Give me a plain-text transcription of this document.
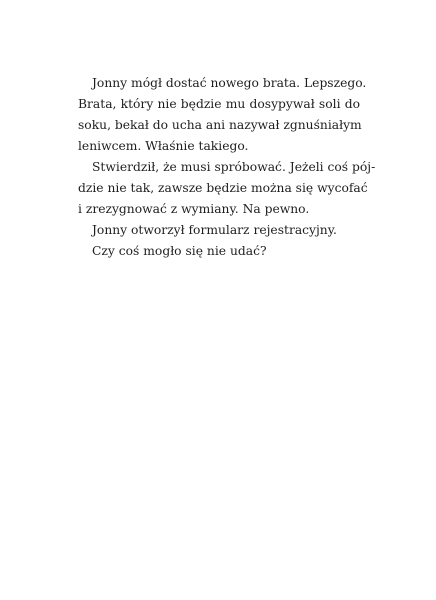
Jonny mógł dostać nowego brata. Lepszego.
Brata, który nie będzie mu dosypywał soli do
soku, bekał do ucha ani nazywał zgnuśniałym
leniwcem. Właśnie takiego.
Stwierdził, że musi spróbować. Jeżeli coś pój-
dzie nie tak, zawsze będzie można się wycofać
i zrezygnować z wymiany. Na pewno.
Jonny otworzył formularz rejestracyjny.
Czy coś mogło się nie udać?
